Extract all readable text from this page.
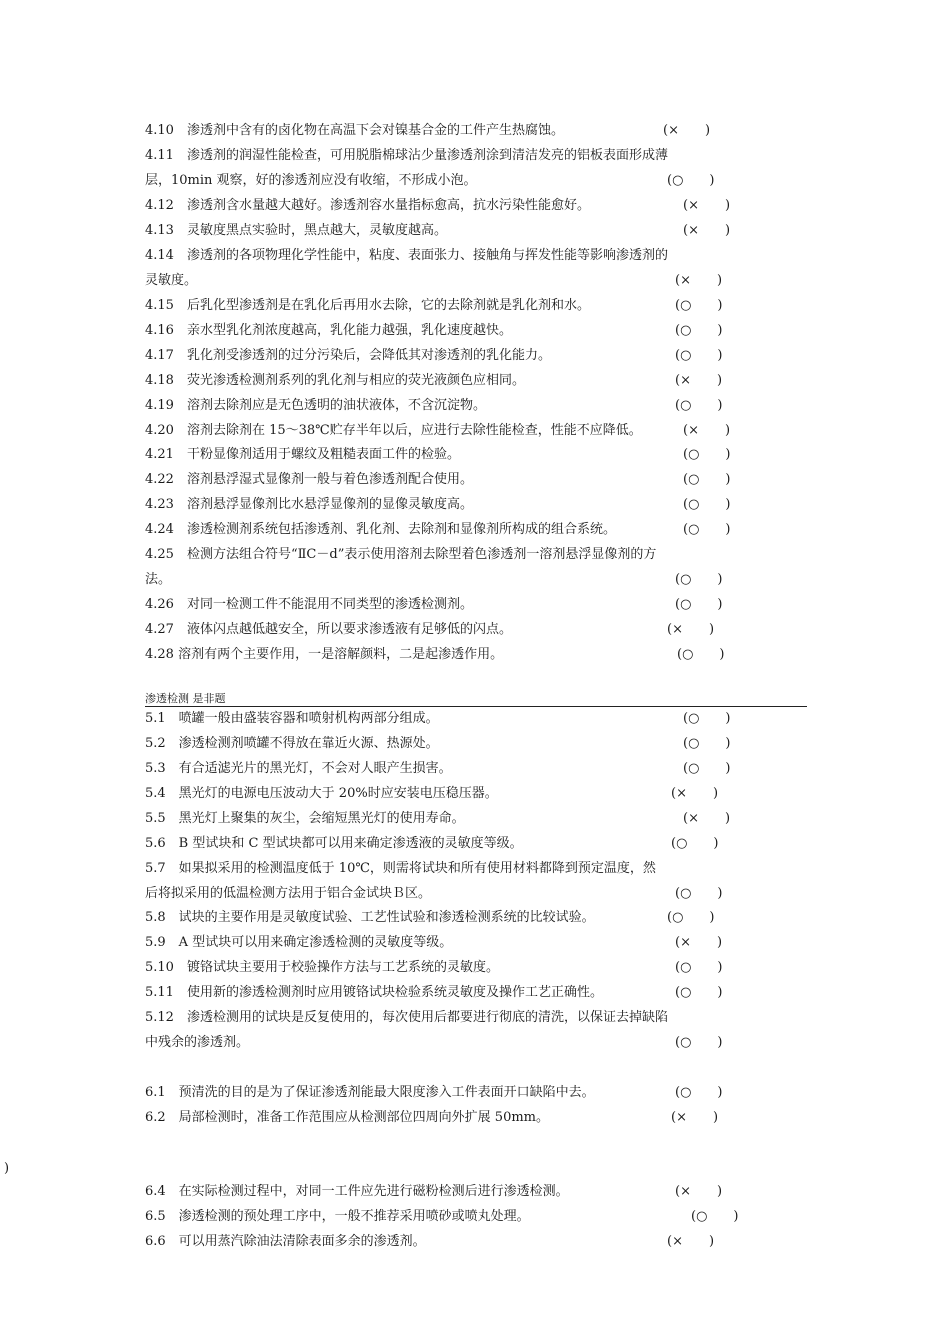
4.10　渗透剂中含有的卤化物在高温下会对镍基合金的工件产生热腐蚀。	(×　　)
4.11　渗透剂的润湿性能检查，可用脱脂棉球沾少量渗透剂涂到清洁发亮的铝板表面形成薄
层，10min 观察，好的渗透剂应没有收缩，不形成小泡。	(○　　)
4.12　渗透剂含水量越大越好。渗透剂容水量指标愈高，抗水污染性能愈好。	(×　　)
4.13　灵敏度黑点实验时，黑点越大，灵敏度越高。	(×　　)
4.14　渗透剂的各项物理化学性能中，粘度、表面张力、接触角与挥发性能等影响渗透剂的
灵敏度。	(×　　)
4.15　后乳化型渗透剂是在乳化后再用水去除，它的去除剂就是乳化剂和水。	(○　　)
4.16　亲水型乳化剂浓度越高，乳化能力越强，乳化速度越快。	(○　　)
4.17　乳化剂受渗透剂的过分污染后，会降低其对渗透剂的乳化能力。	(○　　)
4.18　荧光渗透检测剂系列的乳化剂与相应的荧光液颜色应相同。	(×　　)
4.19　溶剂去除剂应是无色透明的油状液体，不含沉淀物。	(○　　)
4.20　溶剂去除剂在 15～38℃贮存半年以后，应进行去除性能检查，性能不应降低。	(×　　)
4.21　干粉显像剂适用于螺纹及粗糙表面工件的检验。	(○　　)
4.22　溶剂悬浮湿式显像剂一般与着色渗透剂配合使用。	(○　　)
4.23　溶剂悬浮显像剂比水悬浮显像剂的显像灵敏度高。	(○　　)
4.24　渗透检测剂系统包括渗透剂、乳化剂、去除剂和显像剂所构成的组合系统。	(○　　)
4.25　检测方法组合符号“ⅡC－d”表示使用溶剂去除型着色渗透剂一溶剂悬浮显像剂的方
法。	(○　　)
4.26　对同一检测工件不能混用不同类型的渗透检测剂。	(○　　)
4.27　液体闪点越低越安全，所以要求渗透液有足够低的闪点。	(×　　)
4.28 溶剂有两个主要作用，一是溶解颜料，二是起渗透作用。	(○　　)
渗透检测 是非题
5.1　喷罐一般由盛装容器和喷射机构两部分组成。	(○　　)
5.2　渗透检测剂喷罐不得放在靠近火源、热源处。	(○　　)
5.3　有合适滤光片的黑光灯，不会对人眼产生损害。	(○　　)
5.4　黑光灯的电源电压波动大于 20%时应安装电压稳压器。	(×　　)
5.5　黑光灯上聚集的灰尘，会缩短黑光灯的使用寿命。	(×　　)
5.6　B 型试块和 C 型试块都可以用来确定渗透液的灵敏度等级。	(○　　)
5.7　如果拟采用的检测温度低于 10℃，则需将试块和所有使用材料都降到预定温度，然
后将拟采用的低温检测方法用于铝合金试块Ｂ区。	(○　　)
5.8　试块的主要作用是灵敏度试验、工艺性试验和渗透检测系统的比较试验。	(○　　)
5.9　A 型试块可以用来确定渗透检测的灵敏度等级。	(×　　)
5.10　镀铬试块主要用于校验操作方法与工艺系统的灵敏度。	(○　　)
5.11　使用新的渗透检测剂时应用镀铬试块检验系统灵敏度及操作工艺正确性。	(○　　)
5.12　渗透检测用的试块是反复使用的，每次使用后都要进行彻底的清洗，以保证去掉缺陷
中残余的渗透剂。	(○　　)
6.1　预清洗的目的是为了保证渗透剂能最大限度渗入工件表面开口缺陷中去。	(○　　)
6.2　局部检测时，准备工作范围应从检测部位四周向外扩展 50mm。	(×　　)
)
6.4　在实际检测过程中，对同一工件应先进行磁粉检测后进行渗透检测。	(×　　)
6.5　渗透检测的预处理工序中，一般不推荐采用喷砂或喷丸处理。	(○　　)
6.6　可以用蒸汽除油法清除表面多余的渗透剂。	(×　　)
